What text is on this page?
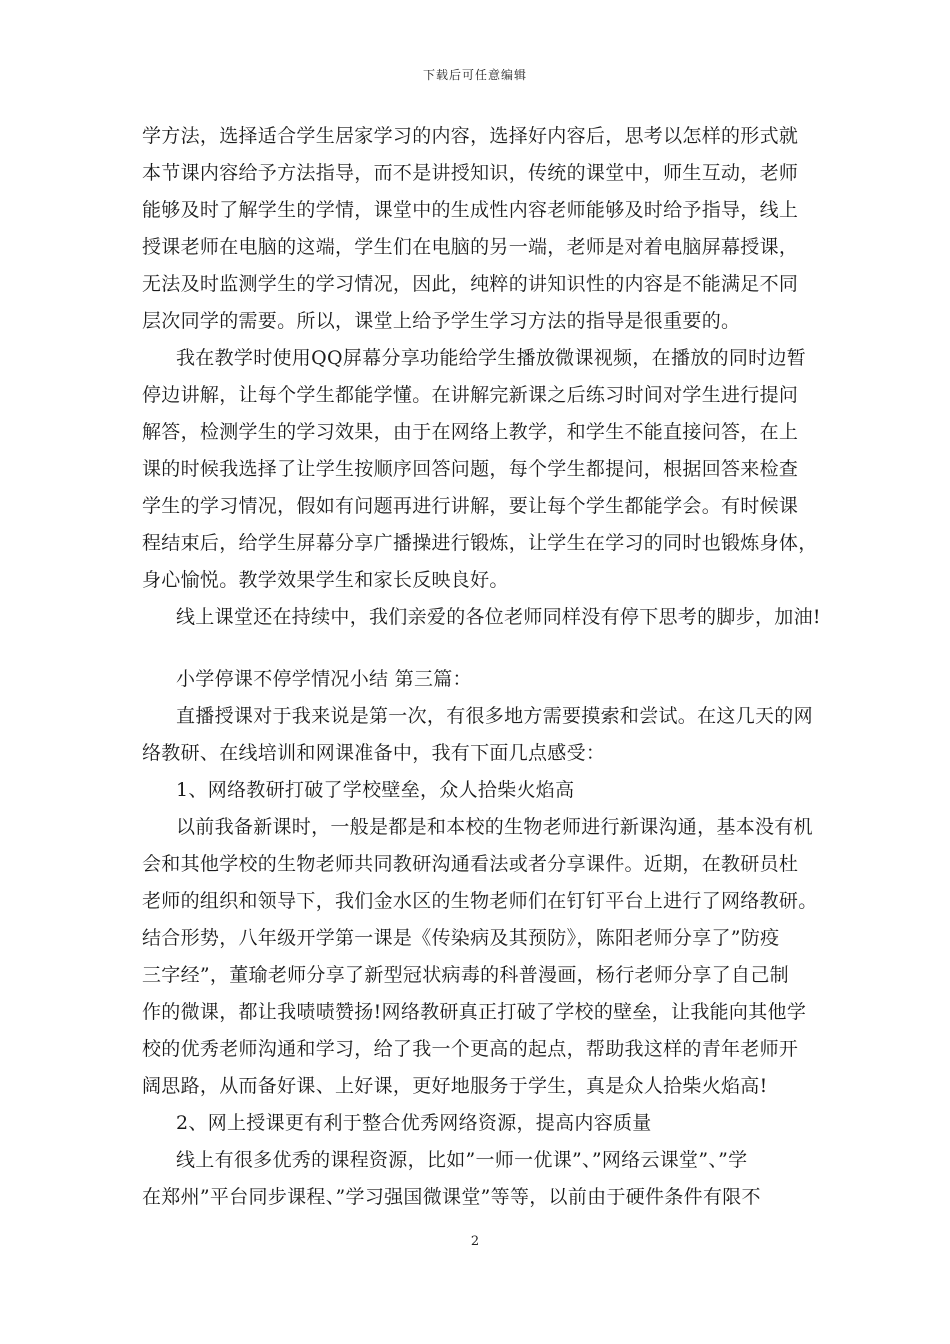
下载后可任意编辑
学方法，选择适合学生居家学习的内容，选择好内容后，思考以怎样的形式就
本节课内容给予方法指导，而不是讲授知识，传统的课堂中，师生互动，老师
能够及时了解学生的学情，课堂中的生成性内容老师能够及时给予指导，线上
授课老师在电脑的这端，学生们在电脑的另一端，老师是对着电脑屏幕授课，
无法及时监测学生的学习情况，因此，纯粹的讲知识性的内容是不能满足不同
层次同学的需要。所以，课堂上给予学生学习方法的指导是很重要的。
我在教学时使用QQ屏幕分享功能给学生播放微课视频，在播放的同时边暂
停边讲解，让每个学生都能学懂。在讲解完新课之后练习时间对学生进行提问
解答，检测学生的学习效果，由于在网络上教学，和学生不能直接问答，在上
课的时候我选择了让学生按顺序回答问题，每个学生都提问，根据回答来检查
学生的学习情况，假如有问题再进行讲解，要让每个学生都能学会。有时候课
程结束后，给学生屏幕分享广播操进行锻炼，让学生在学习的同时也锻炼身体，
身心愉悦。教学效果学生和家长反映良好。
线上课堂还在持续中，我们亲爱的各位老师同样没有停下思考的脚步，加油!
小学停课不停学情况小结 第三篇：
直播授课对于我来说是第一次，有很多地方需要摸索和尝试。在这几天的网
络教研、在线培训和网课准备中，我有下面几点感受：
1、网络教研打破了学校壁垒，众人拾柴火焰高
以前我备新课时，一般是都是和本校的生物老师进行新课沟通，基本没有机
会和其他学校的生物老师共同教研沟通看法或者分享课件。近期，在教研员杜
老师的组织和领导下，我们金水区的生物老师们在钉钉平台上进行了网络教研。
结合形势，八年级开学第一课是《传染病及其预防》，陈阳老师分享了”防疫
三字经”，董瑜老师分享了新型冠状病毒的科普漫画，杨行老师分享了自己制
作的微课，都让我啧啧赞扬!网络教研真正打破了学校的壁垒，让我能向其他学
校的优秀老师沟通和学习，给了我一个更高的起点，帮助我这样的青年老师开
阔思路，从而备好课、上好课，更好地服务于学生，真是众人拾柴火焰高!
2、网上授课更有利于整合优秀网络资源，提高内容质量
线上有很多优秀的课程资源，比如”一师一优课”、”网络云课堂”、”学
在郑州”平台同步课程、”学习强国微课堂”等等，以前由于硬件条件有限不
2
